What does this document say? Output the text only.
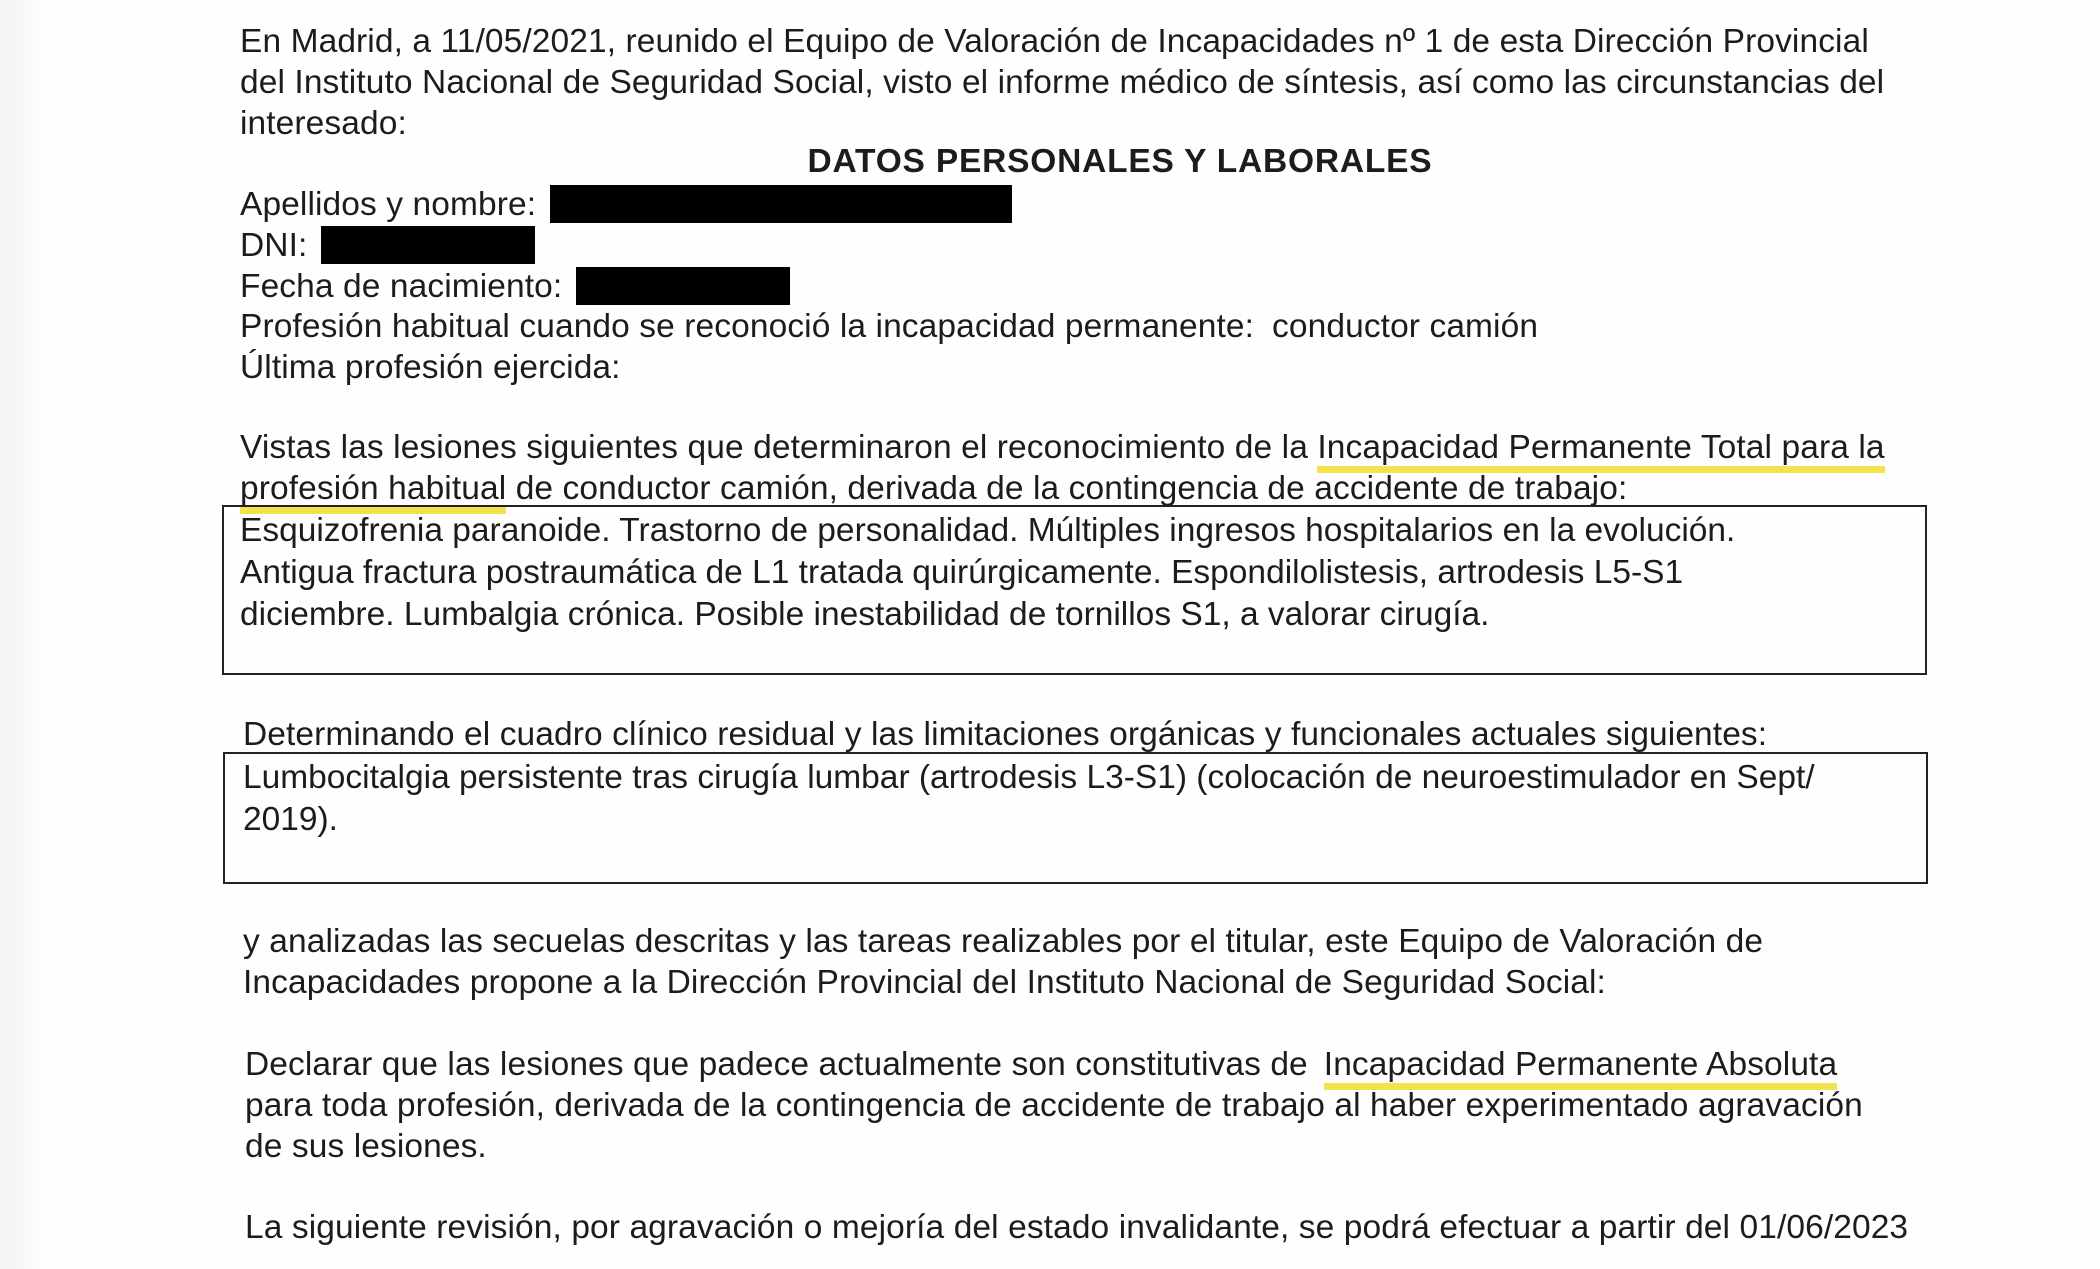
En Madrid, a 11/05/2021, reunido el Equipo de Valoración de Incapacidades nº 1 de esta Dirección Provincial
del Instituto Nacional de Seguridad Social, visto el informe médico de síntesis, así como las circunstancias del
interesado:
DATOS PERSONALES Y LABORALES
Apellidos y nombre:
DNI:
Fecha de nacimiento:
Profesión habitual cuando se reconoció la incapacidad permanente: conductor camión
Última profesión ejercida:
Vistas las lesiones siguientes que determinaron el reconocimiento de la Incapacidad Permanente Total para la
profesión habitual de conductor camión, derivada de la contingencia de accidente de trabajo:
Esquizofrenia paranoide. Trastorno de personalidad. Múltiples ingresos hospitalarios en la evolución.
Antigua fractura postraumática de L1 tratada quirúrgicamente. Espondilolistesis, artrodesis L5-S1
diciembre. Lumbalgia crónica. Posible inestabilidad de tornillos S1, a valorar cirugía.
Determinando el cuadro clínico residual y las limitaciones orgánicas y funcionales actuales siguientes:
Lumbocitalgia persistente tras cirugía lumbar (artrodesis L3-S1) (colocación de neuroestimulador en Sept/
2019).
y analizadas las secuelas descritas y las tareas realizables por el titular, este Equipo de Valoración de
Incapacidades propone a la Dirección Provincial del Instituto Nacional de Seguridad Social:
Declarar que las lesiones que padece actualmente son constitutivas de Incapacidad Permanente Absoluta
para toda profesión, derivada de la contingencia de accidente de trabajo al haber experimentado agravación
de sus lesiones.
La siguiente revisión, por agravación o mejoría del estado invalidante, se podrá efectuar a partir del 01/06/2023
